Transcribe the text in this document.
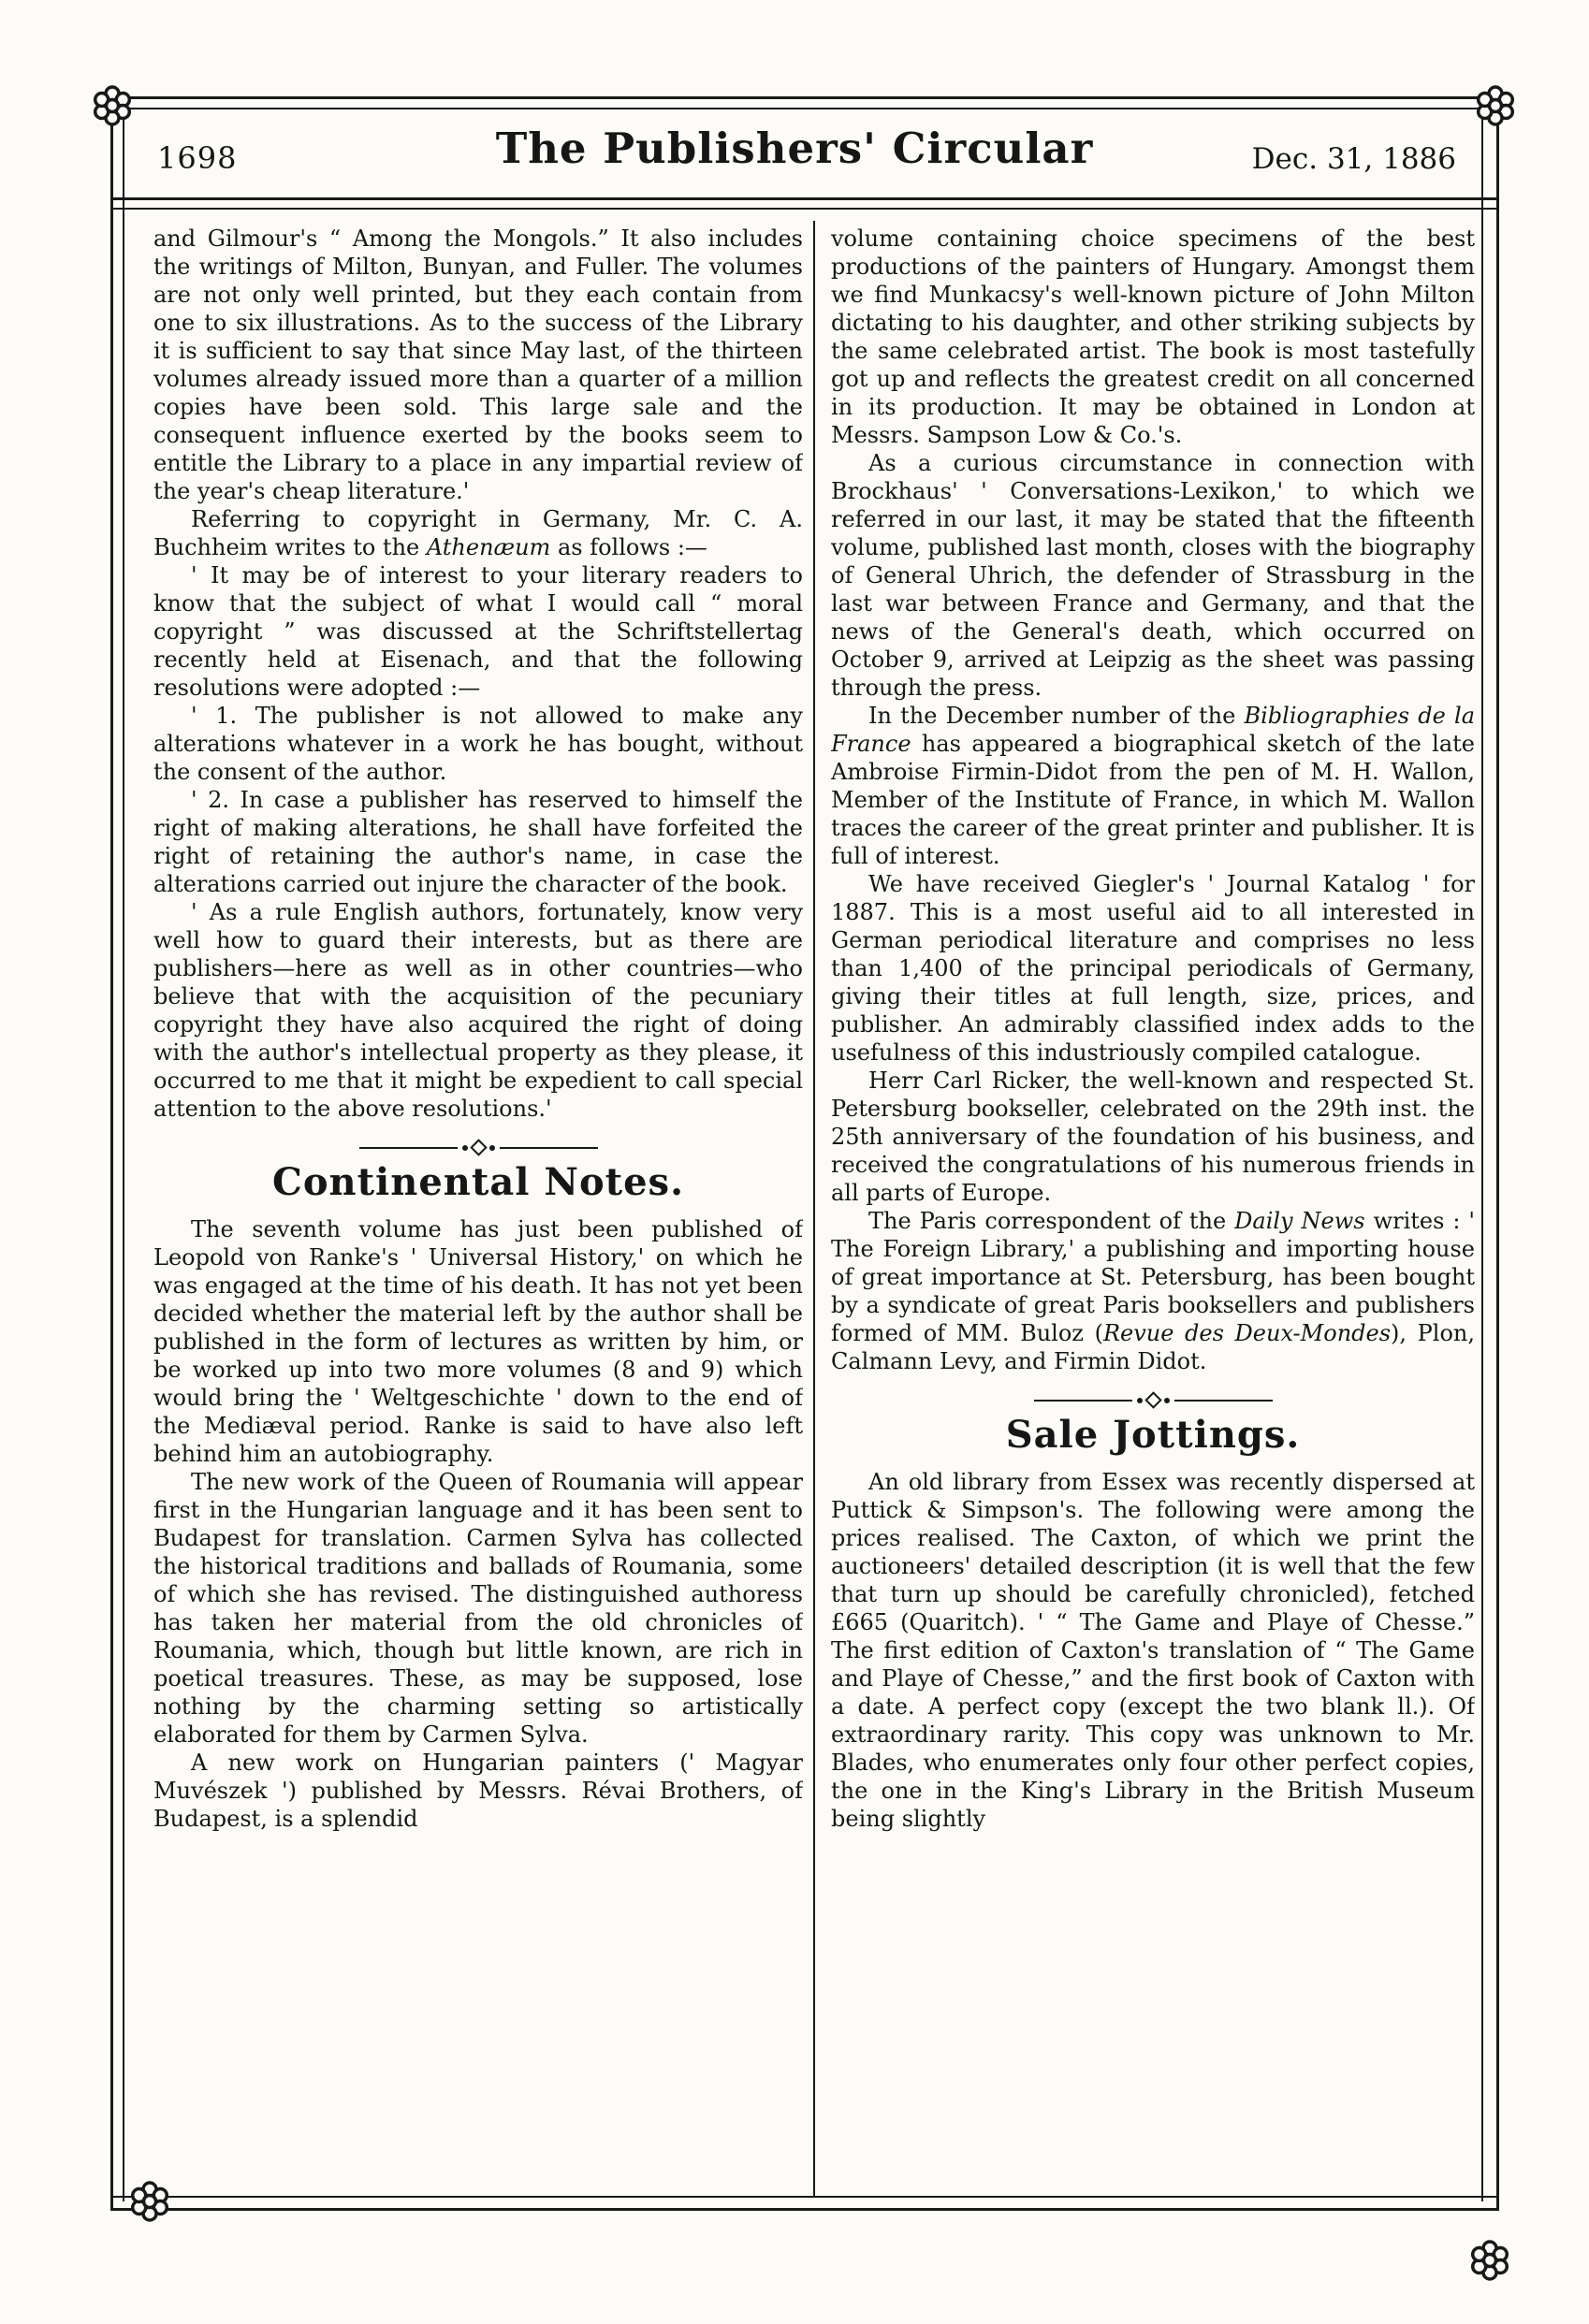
1698	The Publishers' Circular	Dec. 31, 1886

and Gilmour's “ Among the Mongols.” It also includes the writings of Milton, Bunyan, and Fuller. The volumes are not only well printed, but they each contain from one to six illustrations. As to the success of the Library it is sufficient to say that since May last, of the thirteen volumes already issued more than a quarter of a million copies have been sold. This large sale and the consequent influence exerted by the books seem to entitle the Library to a place in any impartial review of the year's cheap literature.'

Referring to copyright in Germany, Mr. C. A. Buchheim writes to the Athenæum as follows :—

' It may be of interest to your literary readers to know that the subject of what I would call “ moral copyright ” was discussed at the Schriftstellertag recently held at Eisenach, and that the following resolutions were adopted :—

' 1. The publisher is not allowed to make any alterations whatever in a work he has bought, without the consent of the author.

' 2. In case a publisher has reserved to himself the right of making alterations, he shall have forfeited the right of retaining the author's name, in case the alterations carried out injure the character of the book.

' As a rule English authors, fortunately, know very well how to guard their interests, but as there are publishers—here as well as in other countries—who believe that with the acquisition of the pecuniary copyright they have also acquired the right of doing with the author's intellectual property as they please, it occurred to me that it might be expedient to call special attention to the above resolutions.'

Continental Notes.

The seventh volume has just been published of Leopold von Ranke's ' Universal History,' on which he was engaged at the time of his death. It has not yet been decided whether the material left by the author shall be published in the form of lectures as written by him, or be worked up into two more volumes (8 and 9) which would bring the ' Weltgeschichte ' down to the end of the Mediæval period. Ranke is said to have also left behind him an autobiography.

The new work of the Queen of Roumania will appear first in the Hungarian language and it has been sent to Budapest for translation. Carmen Sylva has collected the historical traditions and ballads of Roumania, some of which she has revised. The distinguished authoress has taken her material from the old chronicles of Roumania, which, though but little known, are rich in poetical treasures. These, as may be supposed, lose nothing by the charming setting so artistically elaborated for them by Carmen Sylva.

A new work on Hungarian painters (' Magyar Muvészek ') published by Messrs. Révai Brothers, of Budapest, is a splendid

volume containing choice specimens of the best productions of the painters of Hungary. Amongst them we find Munkacsy's well-known picture of John Milton dictating to his daughter, and other striking subjects by the same celebrated artist. The book is most tastefully got up and reflects the greatest credit on all concerned in its production. It may be obtained in London at Messrs. Sampson Low & Co.'s.

As a curious circumstance in connection with Brockhaus' ' Conversations-Lexikon,' to which we referred in our last, it may be stated that the fifteenth volume, published last month, closes with the biography of General Uhrich, the defender of Strassburg in the last war between France and Germany, and that the news of the General's death, which occurred on October 9, arrived at Leipzig as the sheet was passing through the press.

In the December number of the Bibliographies de la France has appeared a biographical sketch of the late Ambroise Firmin-Didot from the pen of M. H. Wallon, Member of the Institute of France, in which M. Wallon traces the career of the great printer and publisher. It is full of interest.

We have received Giegler's ' Journal Katalog ' for 1887. This is a most useful aid to all interested in German periodical literature and comprises no less than 1,400 of the principal periodicals of Germany, giving their titles at full length, size, prices, and publisher. An admirably classified index adds to the usefulness of this industriously compiled catalogue.

Herr Carl Ricker, the well-known and respected St. Petersburg bookseller, celebrated on the 29th inst. the 25th anniversary of the foundation of his business, and received the congratulations of his numerous friends in all parts of Europe.

The Paris correspondent of the Daily News writes : ' The Foreign Library,' a publishing and importing house of great importance at St. Petersburg, has been bought by a syndicate of great Paris booksellers and publishers formed of MM. Buloz (Revue des Deux-Mondes), Plon, Calmann Levy, and Firmin Didot.

Sale Jottings.

An old library from Essex was recently dispersed at Puttick & Simpson's. The following were among the prices realised. The Caxton, of which we print the auctioneers' detailed description (it is well that the few that turn up should be carefully chronicled), fetched £665 (Quaritch). ' “ The Game and Playe of Chesse.” The first edition of Caxton's translation of “ The Game and Playe of Chesse,” and the first book of Caxton with a date. A perfect copy (except the two blank ll.). Of extraordinary rarity. This copy was unknown to Mr. Blades, who enumerates only four other perfect copies, the one in the King's Library in the British Museum being slightly
